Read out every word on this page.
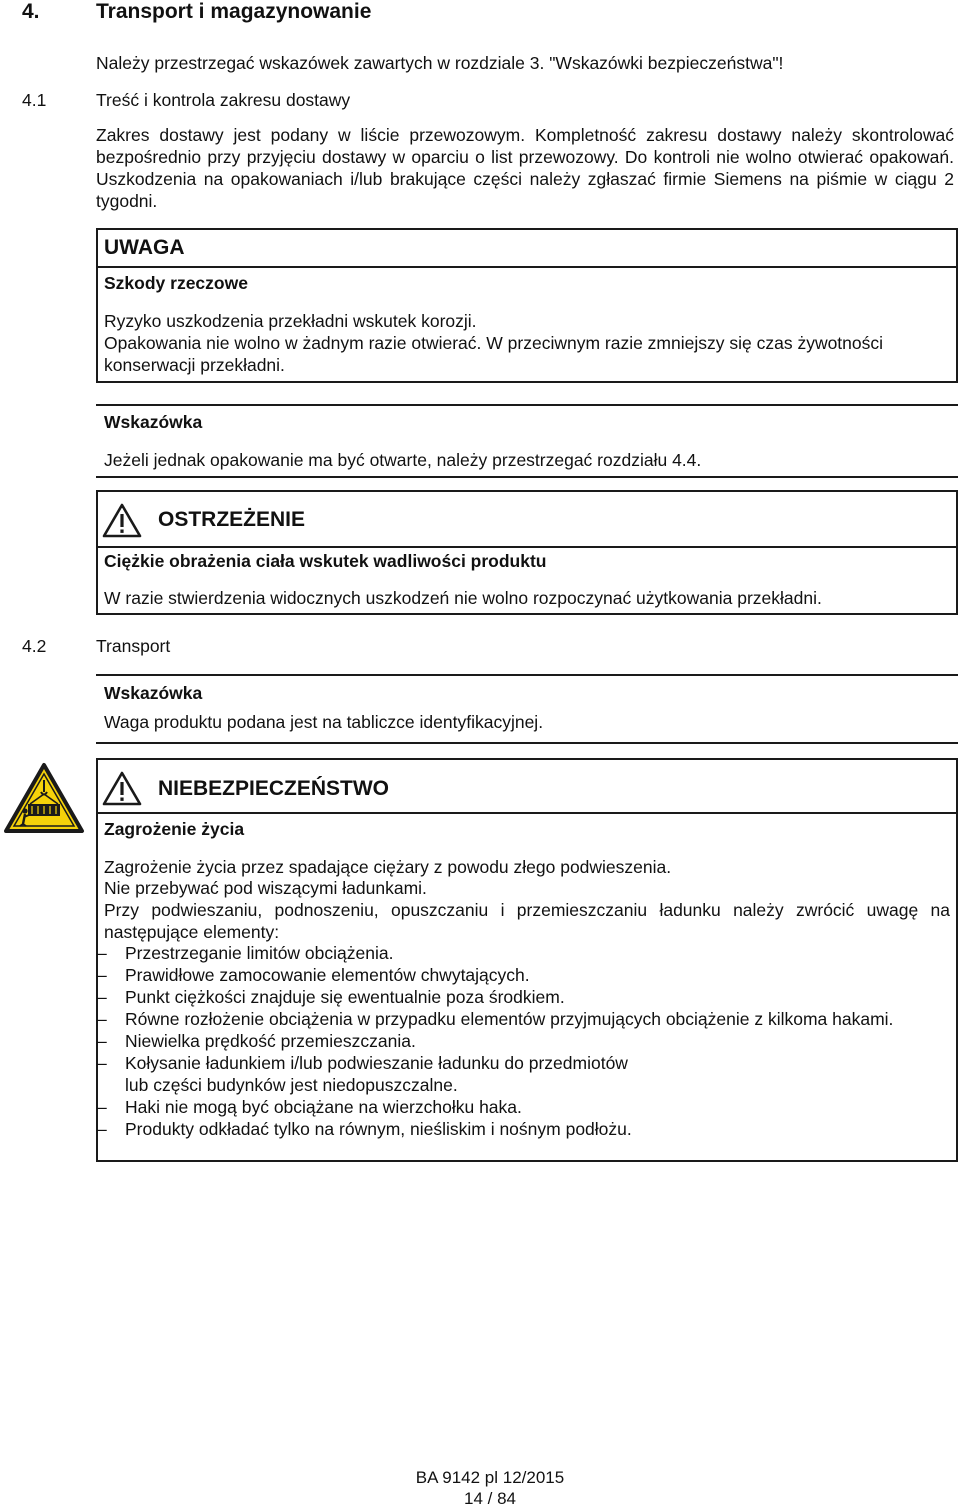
4.	Transport i magazynowanie
Należy przestrzegać wskazówek zawartych w rozdziale 3. "Wskazówki bezpieczeństwa"!
4.1	Treść i kontrola zakresu dostawy
Zakres dostawy jest podany w liście przewozowym. Kompletność zakresu dostawy należy skontrolować bezpośrednio przy przyjęciu dostawy w oparciu o list przewozowy. Do kontroli nie wolno otwierać opakowań. Uszkodzenia na opakowaniach i/lub brakujące części należy zgłaszać firmie Siemens na piśmie w ciągu 2 tygodni.
UWAGA
Szkody rzeczowe
Ryzyko uszkodzenia przekładni wskutek korozji.
Opakowania nie wolno w żadnym razie otwierać. W przeciwnym razie zmniejszy się czas żywotności konserwacji przekładni.
Wskazówka
Jeżeli jednak opakowanie ma być otwarte, należy przestrzegać rozdziału 4.4.
OSTRZEŻENIE
Ciężkie obrażenia ciała wskutek wadliwości produktu
W razie stwierdzenia widocznych uszkodzeń nie wolno rozpoczynać użytkowania przekładni.
4.2	Transport
Wskazówka
Waga produktu podana jest na tabliczce identyfikacyjnej.
NIEBEZPIECZEŃSTWO
Zagrożenie życia
Zagrożenie życia przez spadające ciężary z powodu złego podwieszenia.
Nie przebywać pod wiszącymi ładunkami.
Przy podwieszaniu, podnoszeniu, opuszczaniu i przemieszczaniu ładunku należy zwrócić uwagę na następujące elementy:
– Przestrzeganie limitów obciążenia.
– Prawidłowe zamocowanie elementów chwytających.
– Punkt ciężkości znajduje się ewentualnie poza środkiem.
– Równe rozłożenie obciążenia w przypadku elementów przyjmujących obciążenie z kilkoma hakami.
– Niewielka prędkość przemieszczania.
– Kołysanie ładunkiem i/lub podwieszanie ładunku do przedmiotów
lub części budynków jest niedopuszczalne.
– Haki nie mogą być obciążane na wierzchołku haka.
– Produkty odkładać tylko na równym, nieśliskim i nośnym podłożu.
BA 9142 pl 12/2015
14 / 84
